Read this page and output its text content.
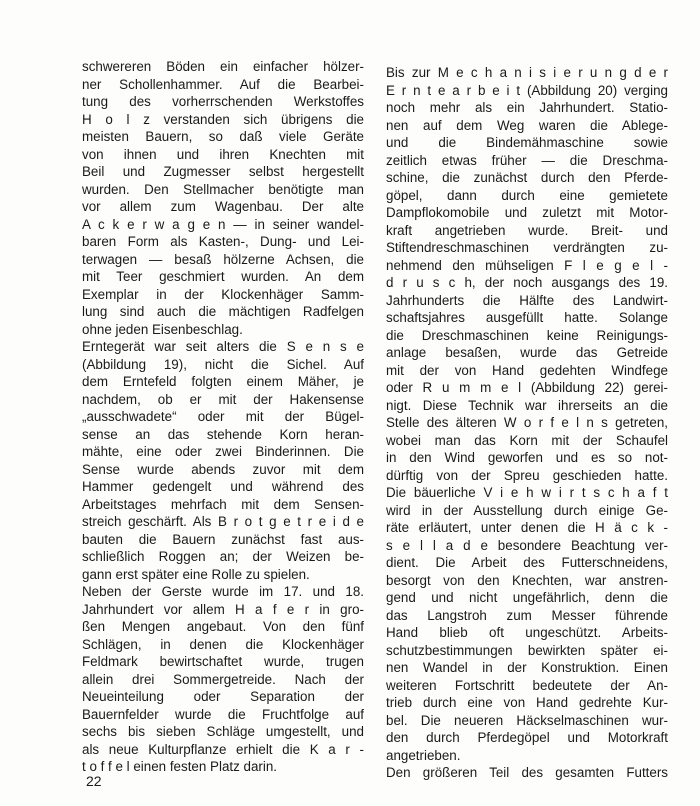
schwereren Böden ein einfacher hölzer-
ner Schollenhammer. Auf die Bearbei-
tung des vorherrschenden Werkstoffes
H o l z verstanden sich übrigens die
meisten Bauern, so daß viele Geräte
von ihnen und ihren Knechten mit
Beil und Zugmesser selbst hergestellt
wurden. Den Stellmacher benötigte man
vor allem zum Wagenbau. Der alte
A c k e r w a g e n — in seiner wandel-
baren Form als Kasten-, Dung- und Lei-
terwagen — besaß hölzerne Achsen, die
mit Teer geschmiert wurden. An dem
Exemplar in der Klockenhäger Samm-
lung sind auch die mächtigen Radfelgen
ohne jeden Eisenbeschlag.
Erntegerät war seit alters die S e n s e
(Abbildung 19), nicht die Sichel. Auf
dem Erntefeld folgten einem Mäher, je
nachdem, ob er mit der Hakensense
„ausschwadete“ oder mit der Bügel-
sense an das stehende Korn heran-
mähte, eine oder zwei Binderinnen. Die
Sense wurde abends zuvor mit dem
Hammer gedengelt und während des
Arbeitstages mehrfach mit dem Sensen-
streich geschärft. Als B r o t g e t r e i d e
bauten die Bauern zunächst fast aus-
schließlich Roggen an; der Weizen be-
gann erst später eine Rolle zu spielen.
Neben der Gerste wurde im 17. und 18.
Jahrhundert vor allem H a f e r in gro-
ßen Mengen angebaut. Von den fünf
Schlägen, in denen die Klockenhäger
Feldmark bewirtschaftet wurde, trugen
allein drei Sommergetreide. Nach der
Neueinteilung oder Separation der
Bauernfelder wurde die Fruchtfolge auf
sechs bis sieben Schläge umgestellt, und
als neue Kulturpflanze erhielt die K a r -
t o f f e l einen festen Platz darin.
Bis zur M e c h a n i s i e r u n g d e r
E r n t e a r b e i t (Abbildung 20) verging
noch mehr als ein Jahrhundert. Statio-
nen auf dem Weg waren die Ablege-
und die Bindemähmaschine sowie
zeitlich etwas früher — die Dreschma-
schine, die zunächst durch den Pferde-
göpel, dann durch eine gemietete
Dampflokomobile und zuletzt mit Motor-
kraft angetrieben wurde. Breit- und
Stiftendreschmaschinen verdrängten zu-
nehmend den mühseligen F l e g e l -
d r u s c h, der noch ausgangs des 19.
Jahrhunderts die Hälfte des Landwirt-
schaftsjahres ausgefüllt hatte. Solange
die Dreschmaschinen keine Reinigungs-
anlage besaßen, wurde das Getreide
mit der von Hand gedehten Windfege
oder R u m m e l (Abbildung 22) gerei-
nigt. Diese Technik war ihrerseits an die
Stelle des älteren W o r f e l n s getreten,
wobei man das Korn mit der Schaufel
in den Wind geworfen und es so not-
dürftig von der Spreu geschieden hatte.
Die bäuerliche V i e h w i r t s c h a f t
wird in der Ausstellung durch einige Ge-
räte erläutert, unter denen die H ä c k -
s e l l a d e besondere Beachtung ver-
dient. Die Arbeit des Futterschneidens,
besorgt von den Knechten, war anstren-
gend und nicht ungefährlich, denn die
das Langstroh zum Messer führende
Hand blieb oft ungeschützt. Arbeits-
schutzbestimmungen bewirkten später ei-
nen Wandel in der Konstruktion. Einen
weiteren Fortschritt bedeutete der An-
trieb durch eine von Hand gedrehte Kur-
bel. Die neueren Häckselmaschinen wur-
den durch Pferdegöpel und Motorkraft
angetrieben.
Den größeren Teil des gesamten Futters
22
